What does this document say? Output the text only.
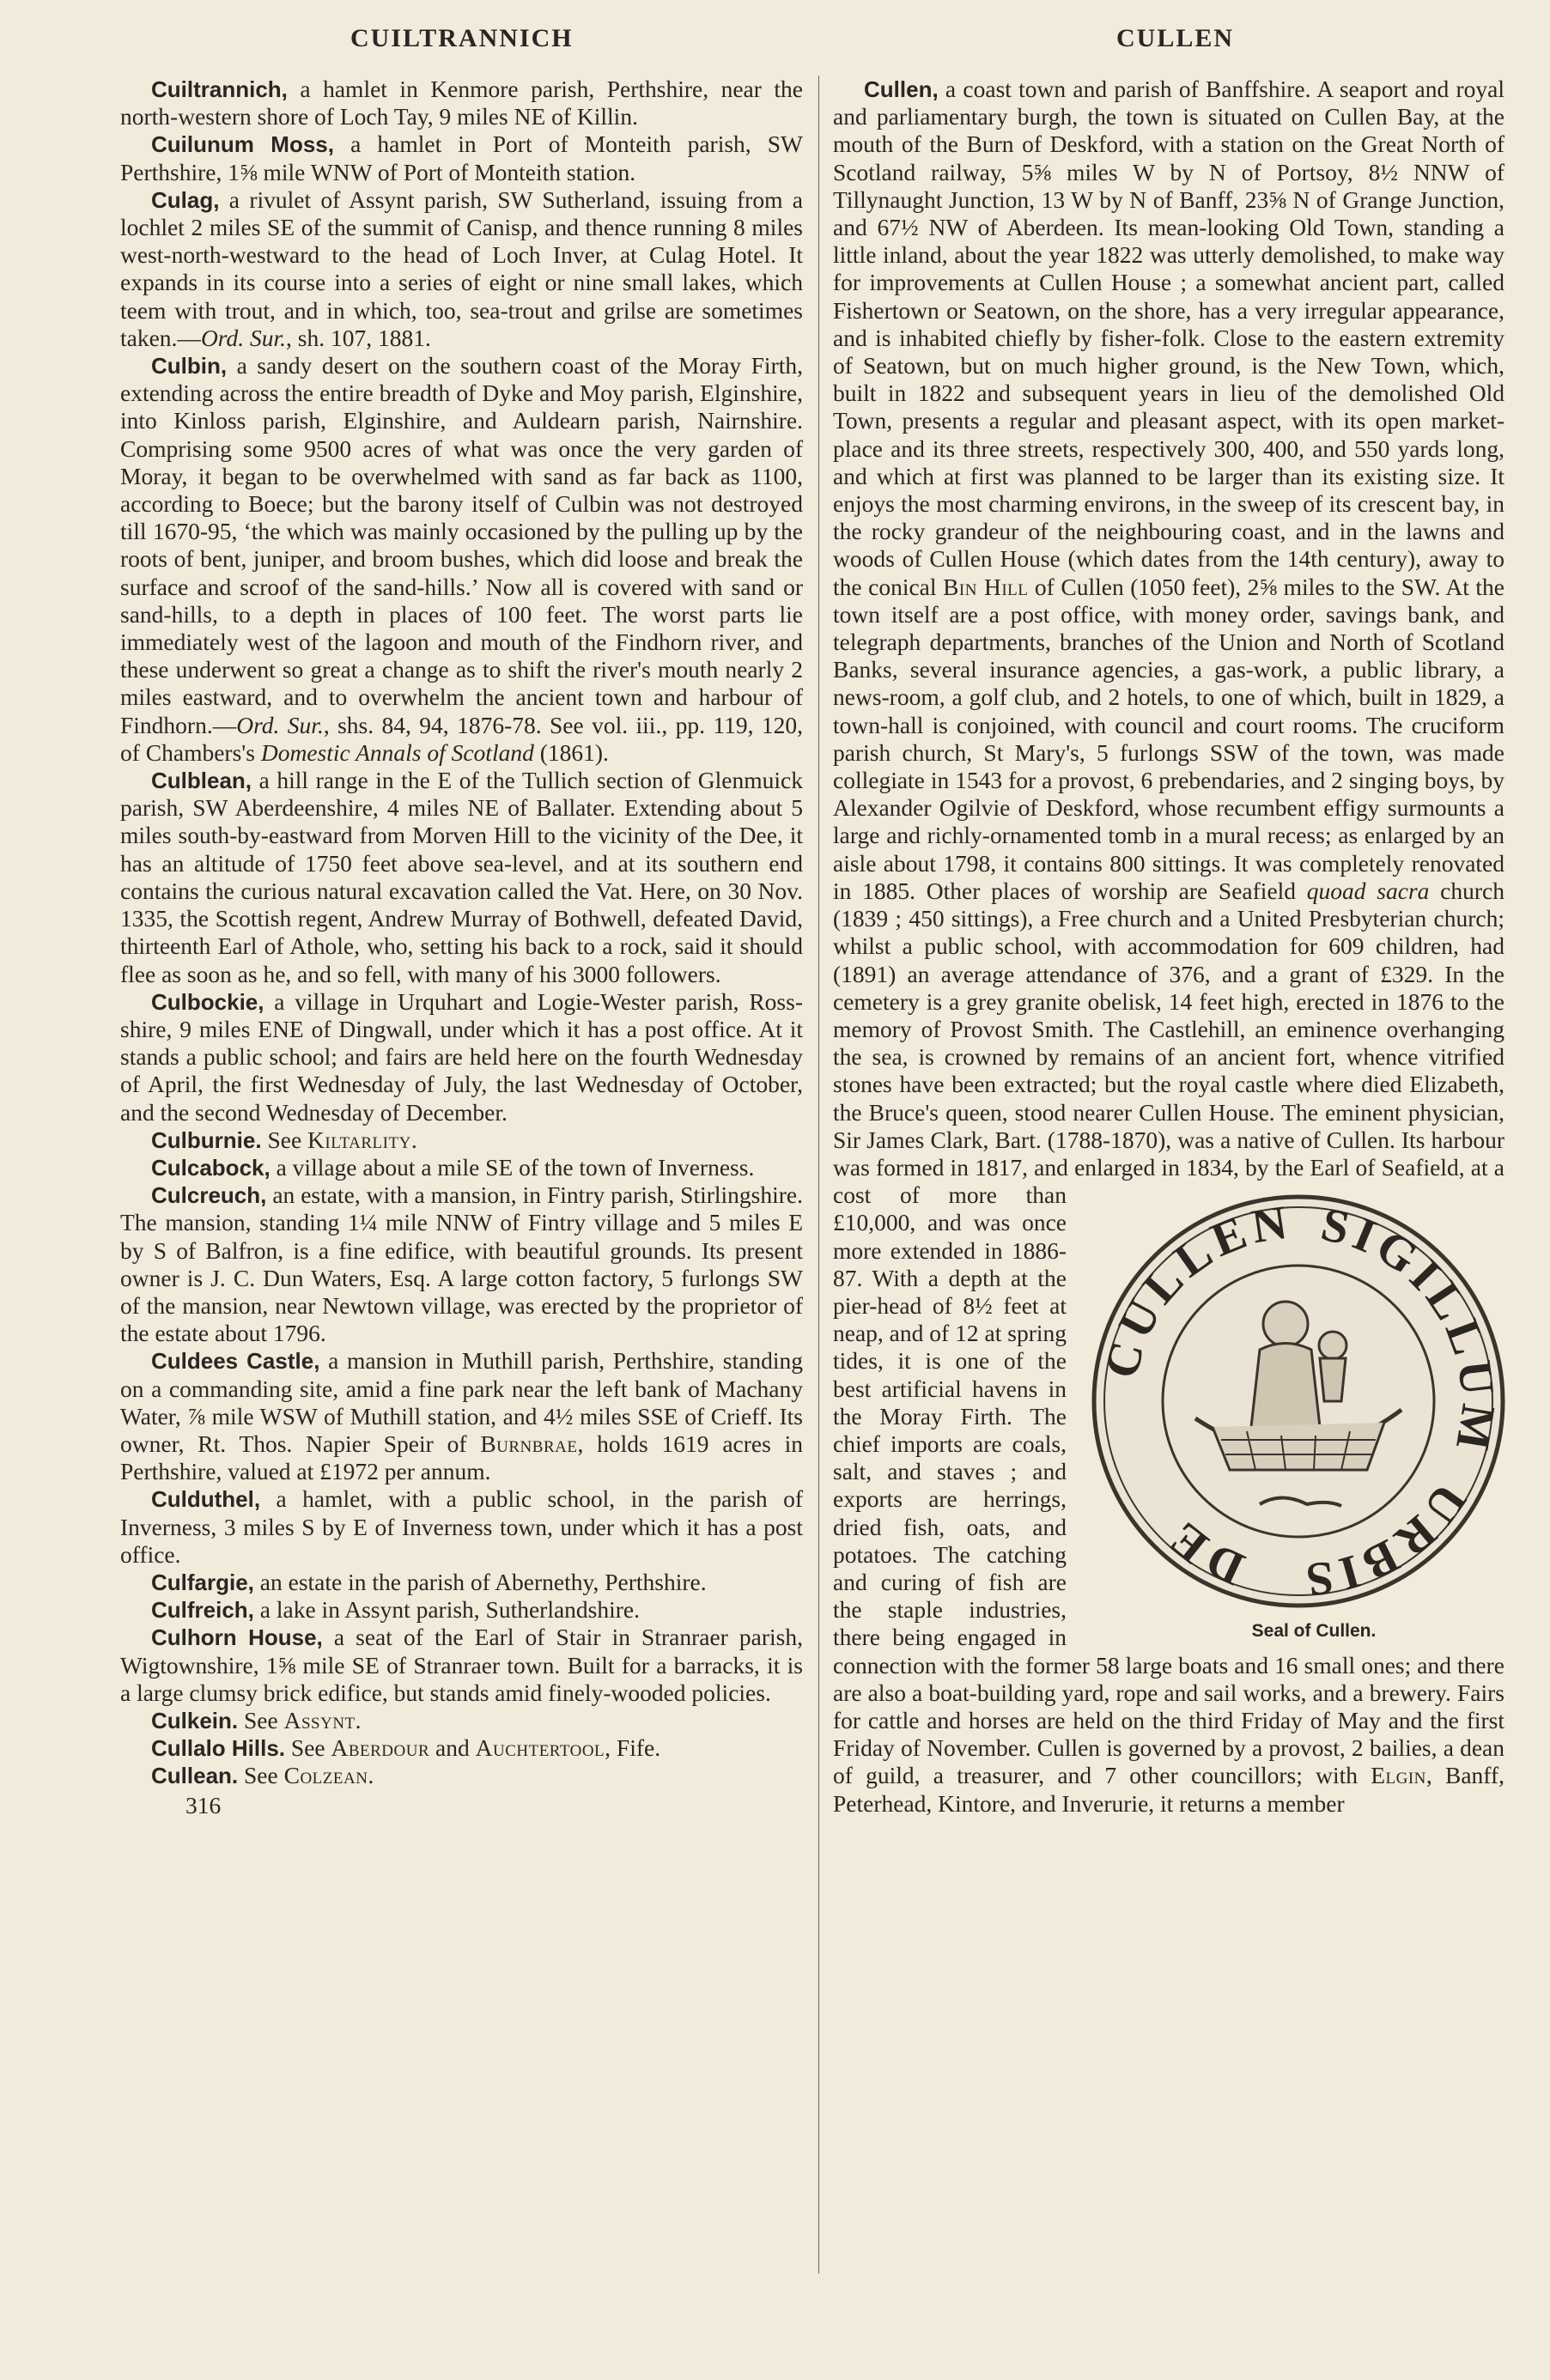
CUILTRANNICH	CULLEN

Cuiltrannich, a hamlet in Kenmore parish, Perthshire, near the north-western shore of Loch Tay, 9 miles NE of Killin.

Cuilunum Moss, a hamlet in Port of Monteith parish, SW Perthshire, 1⅝ mile WNW of Port of Monteith station.

Culag, a rivulet of Assynt parish, SW Sutherland, issuing from a lochlet 2 miles SE of the summit of Canisp, and thence running 8 miles west-north-westward to the head of Loch Inver, at Culag Hotel. It expands in its course into a series of eight or nine small lakes, which teem with trout, and in which, too, sea-trout and grilse are sometimes taken.—Ord. Sur., sh. 107, 1881.

Culbin, a sandy desert on the southern coast of the Moray Firth, extending across the entire breadth of Dyke and Moy parish, Elginshire, into Kinloss parish, Elginshire, and Auldearn parish, Nairnshire. Comprising some 9500 acres of what was once the very garden of Moray, it began to be overwhelmed with sand as far back as 1100, according to Boece; but the barony itself of Culbin was not destroyed till 1670-95, ‘the which was mainly occasioned by the pulling up by the roots of bent, juniper, and broom bushes, which did loose and break the surface and scroof of the sand-hills.’ Now all is covered with sand or sand-hills, to a depth in places of 100 feet. The worst parts lie immediately west of the lagoon and mouth of the Findhorn river, and these underwent so great a change as to shift the river's mouth nearly 2 miles eastward, and to overwhelm the ancient town and harbour of Findhorn.—Ord. Sur., shs. 84, 94, 1876-78. See vol. iii., pp. 119, 120, of Chambers's Domestic Annals of Scotland (1861).

Culblean, a hill range in the E of the Tullich section of Glenmuick parish, SW Aberdeenshire, 4 miles NE of Ballater. Extending about 5 miles south-by-eastward from Morven Hill to the vicinity of the Dee, it has an altitude of 1750 feet above sea-level, and at its southern end contains the curious natural excavation called the Vat. Here, on 30 Nov. 1335, the Scottish regent, Andrew Murray of Bothwell, defeated David, thirteenth Earl of Athole, who, setting his back to a rock, said it should flee as soon as he, and so fell, with many of his 3000 followers.

Culbockie, a village in Urquhart and Logie-Wester parish, Ross-shire, 9 miles ENE of Dingwall, under which it has a post office. At it stands a public school; and fairs are held here on the fourth Wednesday of April, the first Wednesday of July, the last Wednesday of October, and the second Wednesday of December.

Culburnie. See Kiltarlity.

Culcabock, a village about a mile SE of the town of Inverness.

Culcreuch, an estate, with a mansion, in Fintry parish, Stirlingshire. The mansion, standing 1¼ mile NNW of Fintry village and 5 miles E by S of Balfron, is a fine edifice, with beautiful grounds. Its present owner is J. C. Dun Waters, Esq. A large cotton factory, 5 furlongs SW of the mansion, near Newtown village, was erected by the proprietor of the estate about 1796.

Culdees Castle, a mansion in Muthill parish, Perthshire, standing on a commanding site, amid a fine park near the left bank of Machany Water, ⅞ mile WSW of Muthill station, and 4½ miles SSE of Crieff. Its owner, Rt. Thos. Napier Speir of Burnbrae, holds 1619 acres in Perthshire, valued at £1972 per annum.

Culduthel, a hamlet, with a public school, in the parish of Inverness, 3 miles S by E of Inverness town, under which it has a post office.

Culfargie, an estate in the parish of Abernethy, Perthshire.

Culfreich, a lake in Assynt parish, Sutherlandshire.

Culhorn House, a seat of the Earl of Stair in Stranraer parish, Wigtownshire, 1⅝ mile SE of Stranraer town. Built for a barracks, it is a large clumsy brick edifice, but stands amid finely-wooded policies.

Culkein. See Assynt.

Cullalo Hills. See Aberdour and Auchtertool, Fife.

Cullean. See Colzean.

316

Cullen, a coast town and parish of Banffshire. A seaport and royal and parliamentary burgh, the town is situated on Cullen Bay, at the mouth of the Burn of Deskford, with a station on the Great North of Scotland railway, 5⅝ miles W by N of Portsoy, 8½ NNW of Tillynaught Junction, 13 W by N of Banff, 23⅝ N of Grange Junction, and 67½ NW of Aberdeen. Its mean-looking Old Town, standing a little inland, about the year 1822 was utterly demolished, to make way for improvements at Cullen House ; a somewhat ancient part, called Fishertown or Seatown, on the shore, has a very irregular appearance, and is inhabited chiefly by fisher-folk. Close to the eastern extremity of Seatown, but on much higher ground, is the New Town, which, built in 1822 and subsequent years in lieu of the demolished Old Town, presents a regular and pleasant aspect, with its open market-place and its three streets, respectively 300, 400, and 550 yards long, and which at first was planned to be larger than its existing size. It enjoys the most charming environs, in the sweep of its crescent bay, in the rocky grandeur of the neighbouring coast, and in the lawns and woods of Cullen House (which dates from the 14th century), away to the conical Bin Hill of Cullen (1050 feet), 2⅝ miles to the SW. At the town itself are a post office, with money order, savings bank, and telegraph departments, branches of the Union and North of Scotland Banks, several insurance agencies, a gas-work, a public library, a news-room, a golf club, and 2 hotels, to one of which, built in 1829, a town-hall is conjoined, with council and court rooms. The cruciform parish church, St Mary's, 5 furlongs SSW of the town, was made collegiate in 1543 for a provost, 6 prebendaries, and 2 singing boys, by Alexander Ogilvie of Deskford, whose recumbent effigy surmounts a large and richly-ornamented tomb in a mural recess; as enlarged by an aisle about 1798, it contains 800 sittings. It was completely renovated in 1885. Other places of worship are Seafield quoad sacra church (1839 ; 450 sittings), a Free church and a United Presbyterian church; whilst a public school, with accommodation for 609 children, had (1891) an average attendance of 376, and a grant of £329. In the cemetery is a grey granite obelisk, 14 feet high, erected in 1876 to the memory of Provost Smith. The Castlehill, an eminence overhanging the sea, is crowned by remains of an ancient fort, whence vitrified stones have been extracted; but the royal castle where died Elizabeth, the Bruce's queen, stood nearer Cullen House. The eminent physician, Sir James Clark, Bart. (1788-1870), was a native of Cullen. Its harbour was formed in 1817, and enlarged in 1834, by the Earl of Seafield, at a cost of more than
CULLEN SIGILLUM
URBIS
DE
Seal of Cullen.
£10,000, and was once more extended in 1886-87. With a depth at the pier-head of 8½ feet at neap, and of 12 at spring tides, it is one of the best artificial havens in the Moray Firth. The chief imports are coals, salt, and staves ; and exports are herrings, dried fish, oats, and potatoes. The catching and curing of fish are the staple industries, there being engaged in connection with the former 58 large boats and 16 small ones; and there are also a boat-building yard, rope and sail works, and a brewery. Fairs for cattle and horses are held on the third Friday of May and the first Friday of November. Cullen is governed by a provost, 2 bailies, a dean of guild, a treasurer, and 7 other councillors; with Elgin, Banff, Peterhead, Kintore, and Inverurie, it returns a member
